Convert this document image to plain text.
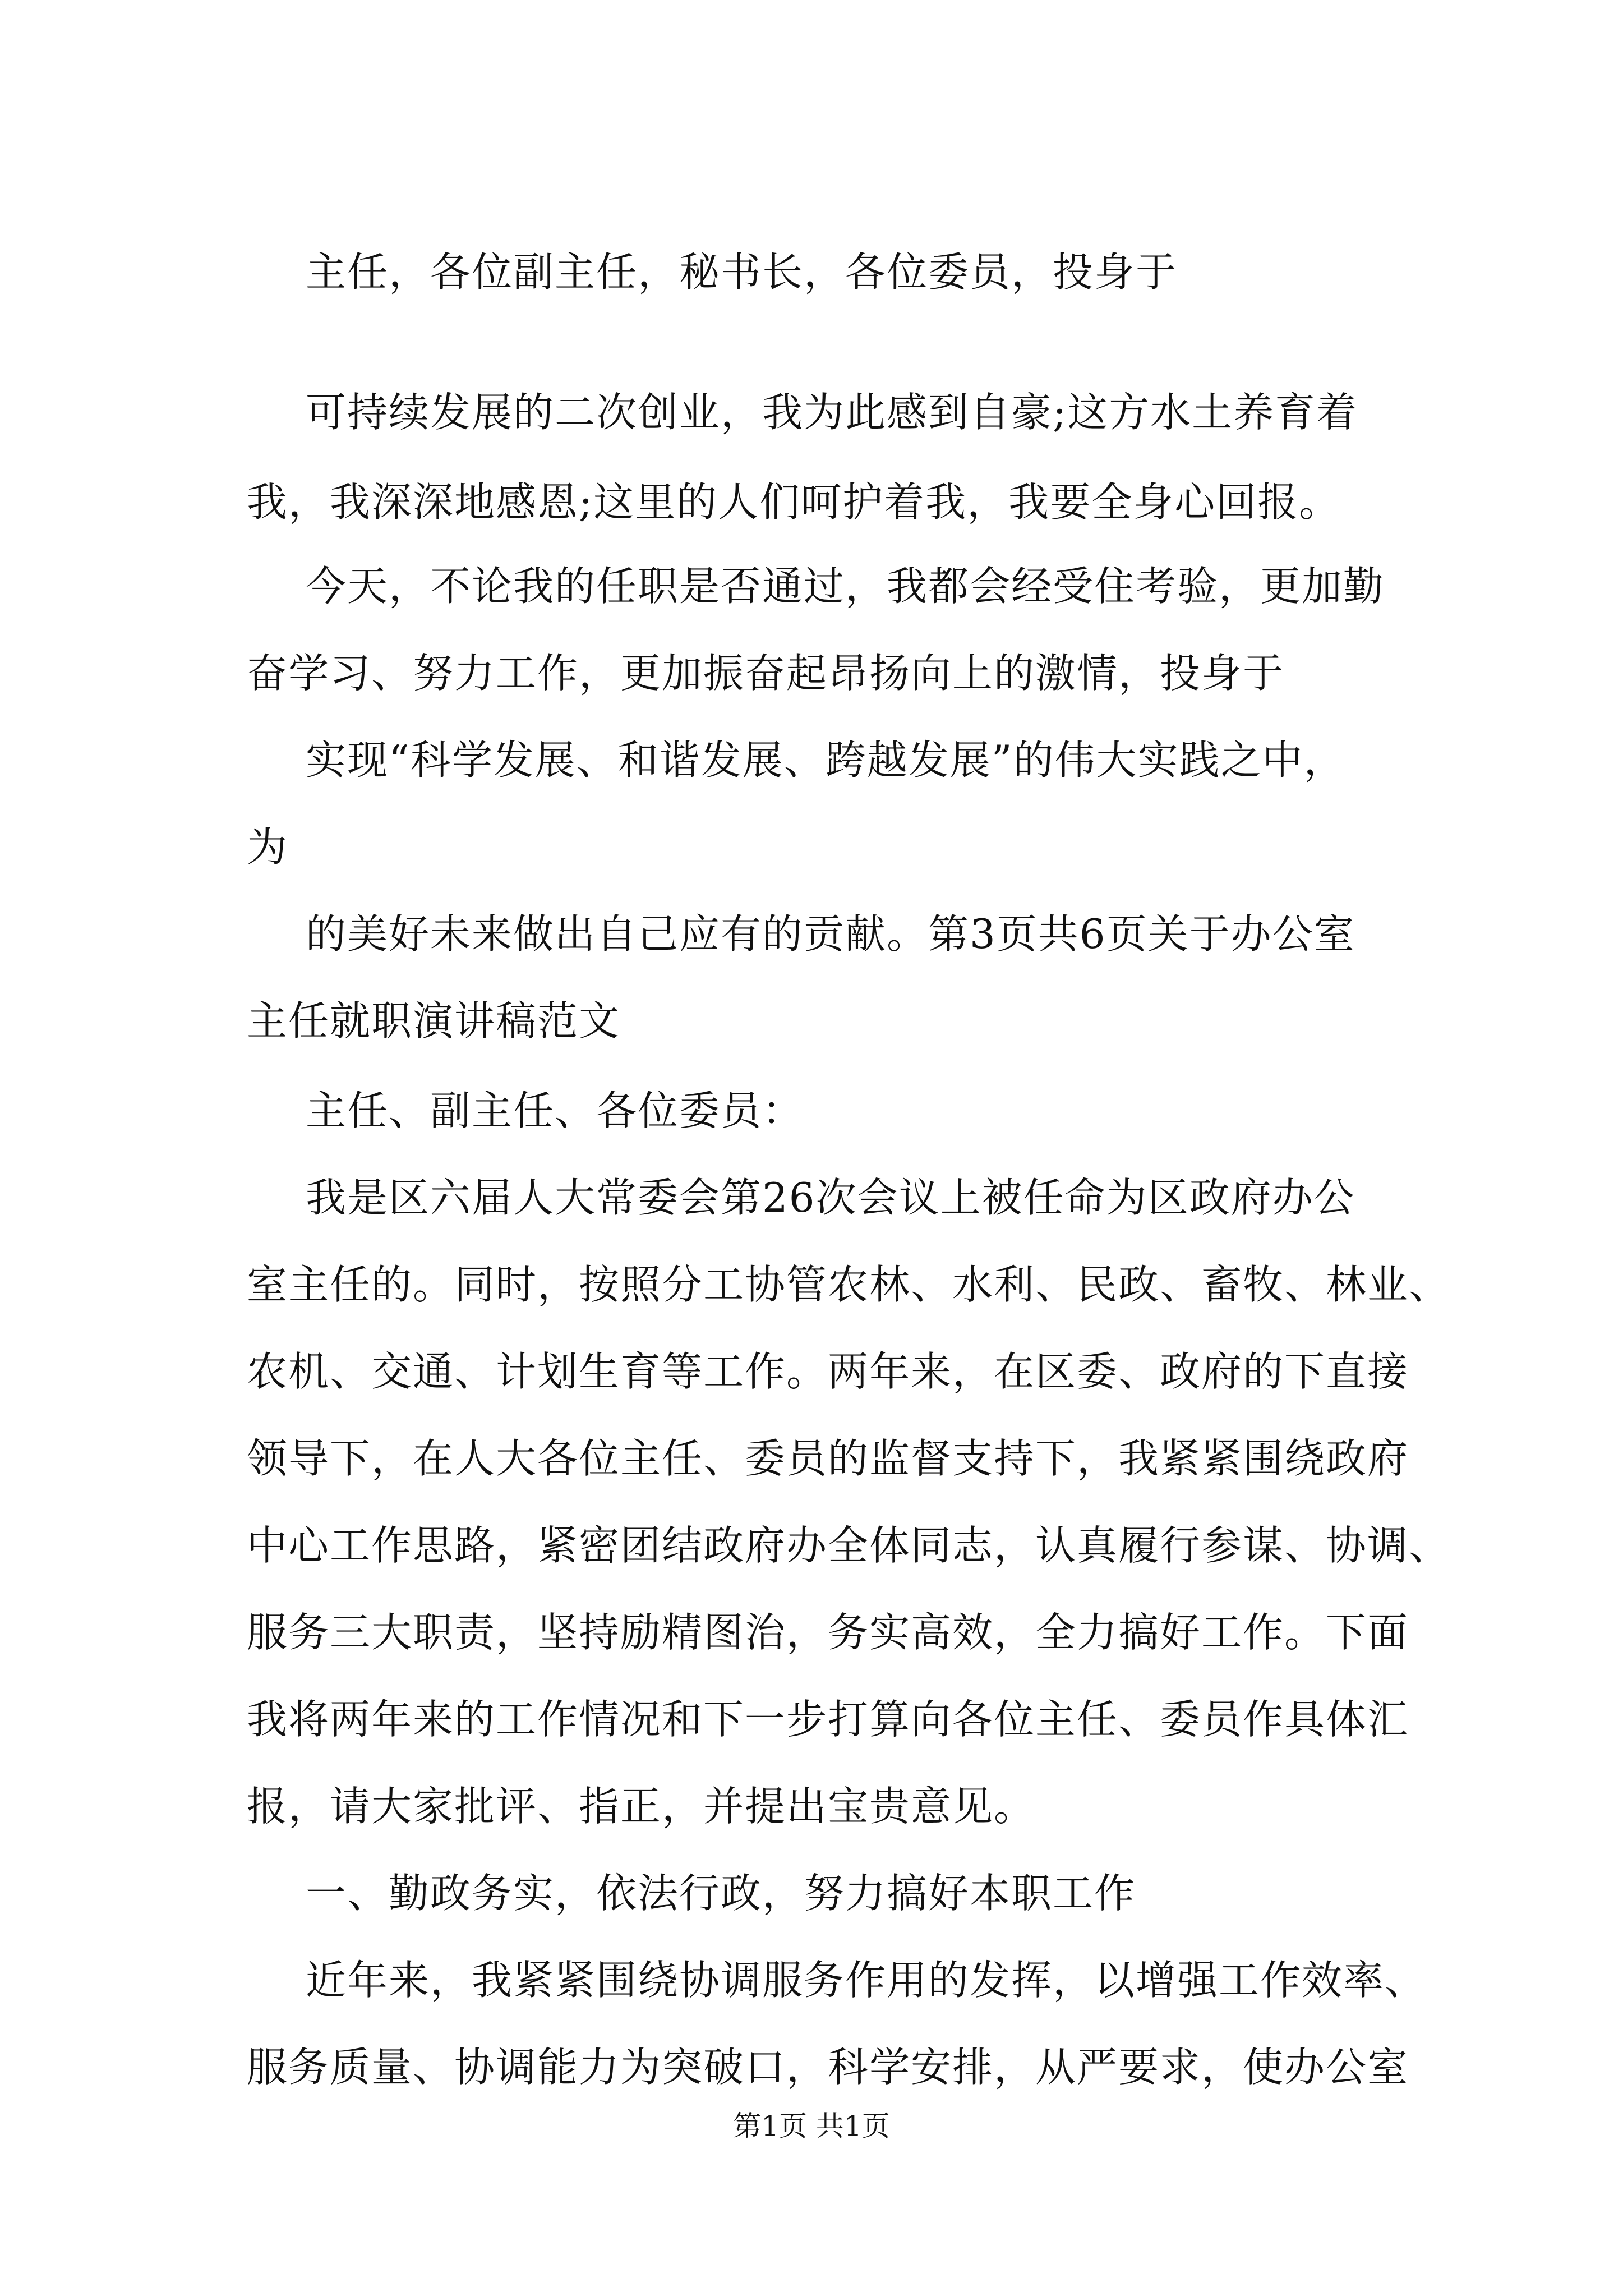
主任，各位副主任，秘书长，各位委员，投身于
可持续发展的二次创业，我为此感到自豪;这方水土养育着
我，我深深地感恩;这里的人们呵护着我，我要全身心回报。
今天，不论我的任职是否通过，我都会经受住考验，更加勤
奋学习、努力工作，更加振奋起昂扬向上的激情，投身于
实现“科学发展、和谐发展、跨越发展”的伟大实践之中，
为
的美好未来做出自己应有的贡献。第3页共6页关于办公室
主任就职演讲稿范文
主任、副主任、各位委员：
我是区六届人大常委会第26次会议上被任命为区政府办公
室主任的。同时，按照分工协管农林、水利、民政、畜牧、林业、
农机、交通、计划生育等工作。两年来，在区委、政府的下直接
领导下，在人大各位主任、委员的监督支持下，我紧紧围绕政府
中心工作思路，紧密团结政府办全体同志，认真履行参谋、协调、
服务三大职责，坚持励精图治，务实高效，全力搞好工作。下面
我将两年来的工作情况和下一步打算向各位主任、委员作具体汇
报，请大家批评、指正，并提出宝贵意见。
一、勤政务实，依法行政，努力搞好本职工作
近年来，我紧紧围绕协调服务作用的发挥，以增强工作效率、
服务质量、协调能力为突破口，科学安排，从严要求，使办公室
第1页 共1页
